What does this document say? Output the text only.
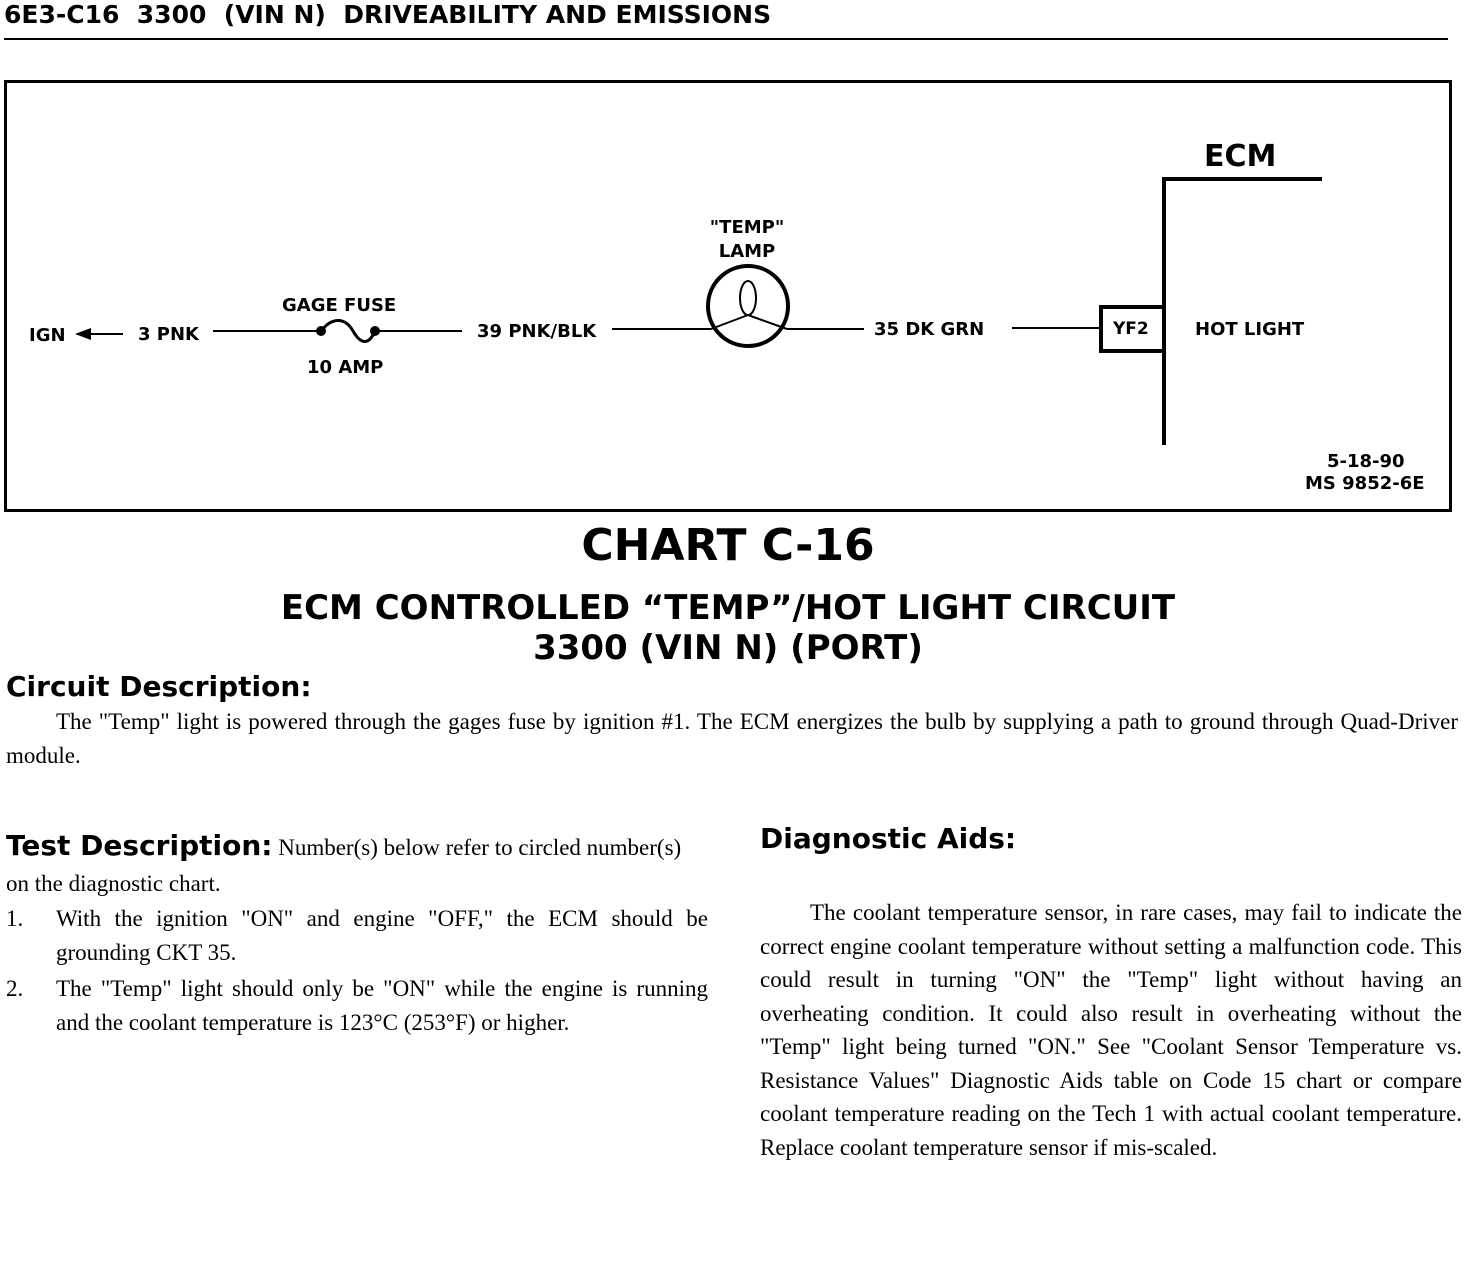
6E3-C16  3300  (VIN N)  DRIVEABILITY AND EMISSIONS
ECM
IGN	3 PNK
GAGE FUSE
10 AMP
39 PNK/BLK
"TEMP"
LAMP
35 DK GRN	YF2	HOT LIGHT
5-18-90
MS 9852-6E
CHART C-16
ECM CONTROLLED “TEMP”/HOT LIGHT CIRCUIT
3300 (VIN N) (PORT)
Circuit Description:
The "Temp" light is powered through the gages fuse by ignition #1. The ECM energizes the bulb by supplying a path to ground through Quad-Driver module.
Test Description: Number(s) below refer to circled number(s) on the diagnostic chart.
1. With the ignition "ON" and engine "OFF," the ECM should be grounding CKT 35.
2. The "Temp" light should only be "ON" while the engine is running and the coolant temperature is 123°C (253°F) or higher.
Diagnostic Aids:
The coolant temperature sensor, in rare cases, may fail to indicate the correct engine coolant temperature without setting a malfunction code. This could result in turning "ON" the "Temp" light without having an overheating condition. It could also result in overheating without the "Temp" light being turned "ON." See "Coolant Sensor Temperature vs. Resistance Values" Diagnostic Aids table on Code 15 chart or compare coolant temperature reading on the Tech 1 with actual coolant temperature. Replace coolant temperature sensor if mis-scaled.
